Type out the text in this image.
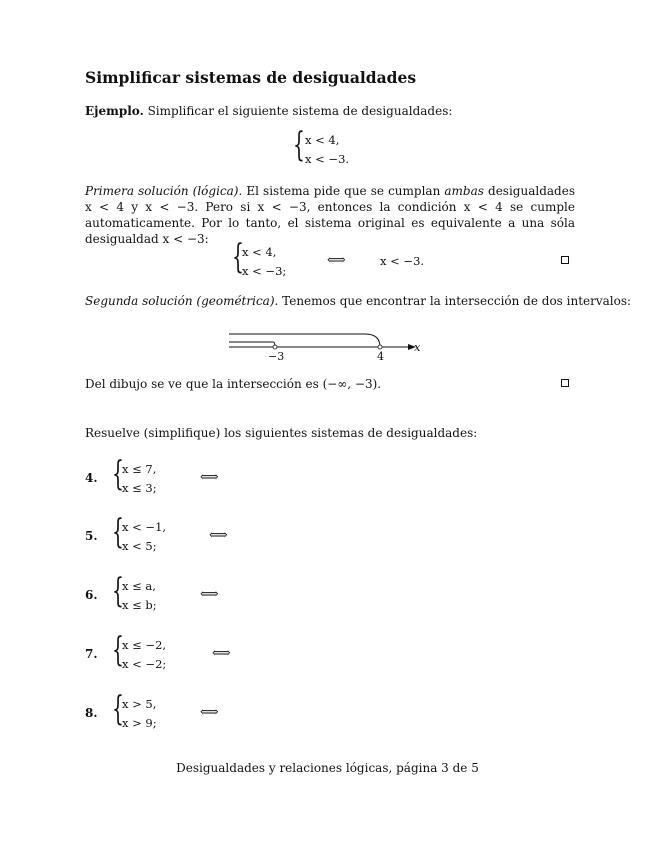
Simplificar sistemas de desigualdades
Ejemplo. Simplificar el siguiente sistema de desigualdades:
{ x < 4,
x < −3.
Primera solución (lógica). El sistema pide que se cumplan ambas desigualdades x < 4 y x < −3. Pero si x < −3, entonces la condición x < 4 se cumple automaticamente. Por lo tanto, el sistema original es equivalente a una sóla desigualdad x < −3: {
x < 4,
x < −3;
⟺	x < −3.
Segunda solución (geométrica). Tenemos que encontrar la intersección de dos intervalos:
−3	4
x
Del dibujo se ve que la intersección es (−∞, −3).
Resuelve (simplifique) los siguientes sistemas de desigualdades:
4. {
x ≤ 7,
x ≤ 3;
⟺
5. {
x < −1,
x < 5;
⟺
6. {
x ≤ a,
x ≤ b;
⟺
7. {
x ≤ −2,
x < −2;
⟺
8. {
x > 5,
x > 9;
⟺
Desigualdades y relaciones lógicas, página 3 de 5
